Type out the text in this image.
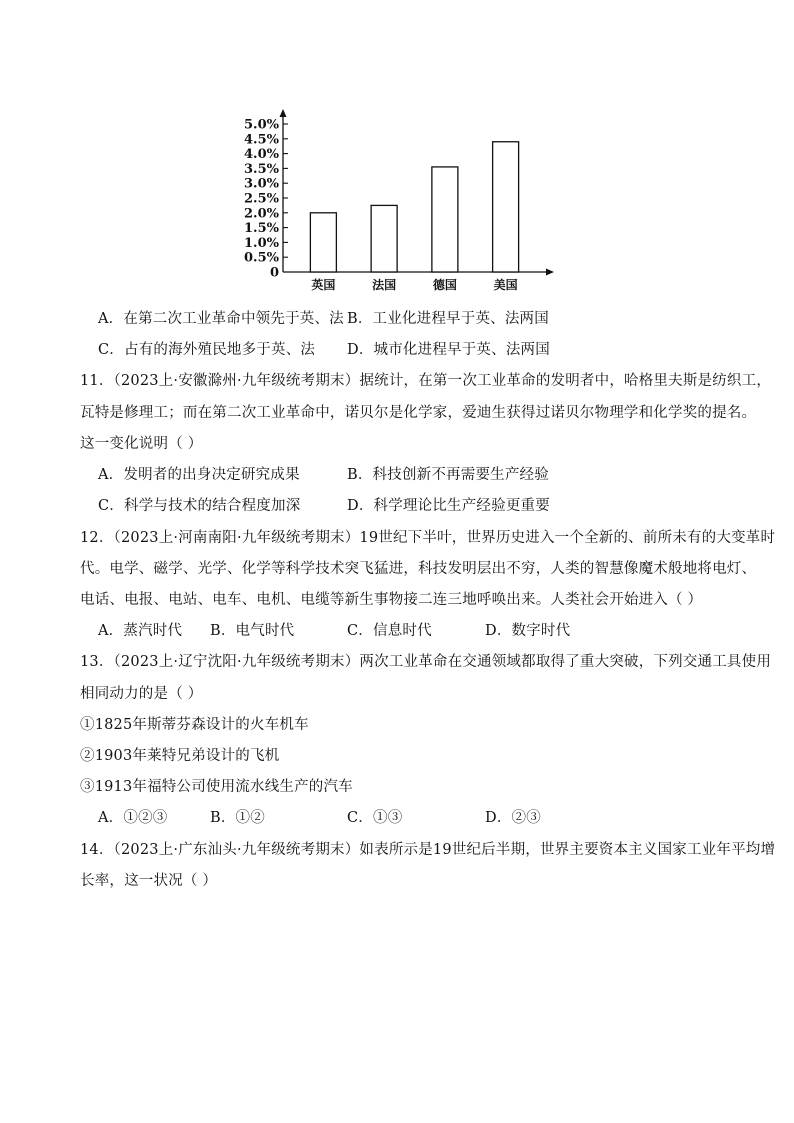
0
0.5%
1.0%
1.5%
2.0%
2.5%
3.0%
3.5%
4.0%
4.5%
5.0%
英国	法国	德国	美国
A．在第二次工业革命中领先于英、法 B．工业化进程早于英、法两国
C．占有的海外殖民地多于英、法 D．城市化进程早于英、法两国
11．（2023上·安徽滁州·九年级统考期末）据统计，在第一次工业革命的发明者中，哈格里夫斯是纺织工，
瓦特是修理工；而在第二次工业革命中，诺贝尔是化学家，爱迪生获得过诺贝尔物理学和化学奖的提名。
这一变化说明（ ）
A．发明者的出身决定研究成果	B．科技创新不再需要生产经验
C．科学与技术的结合程度加深	D．科学理论比生产经验更重要
12．（2023上·河南南阳·九年级统考期末）19世纪下半叶，世界历史进入一个全新的、前所未有的大变革时
代。电学、磁学、光学、化学等科学技术突飞猛进，科技发明层出不穷，人类的智慧像魔术般地将电灯、
电话、电报、电站、电车、电机、电缆等新生事物接二连三地呼唤出来。人类社会开始进入（ ）
A．蒸汽时代 B．电气时代	C．信息时代	D．数字时代
13．（2023上·辽宁沈阳·九年级统考期末）两次工业革命在交通领域都取得了重大突破，下列交通工具使用
相同动力的是（ ）
①1825年斯蒂芬森设计的火车机车
②1903年莱特兄弟设计的飞机
③1913年福特公司使用流水线生产的汽车
A．①②③	B．①②	C．①③	D．②③
14．（2023上·广东汕头·九年级统考期末）如表所示是19世纪后半期，世界主要资本主义国家工业年平均增
长率，这一状况（ ）
